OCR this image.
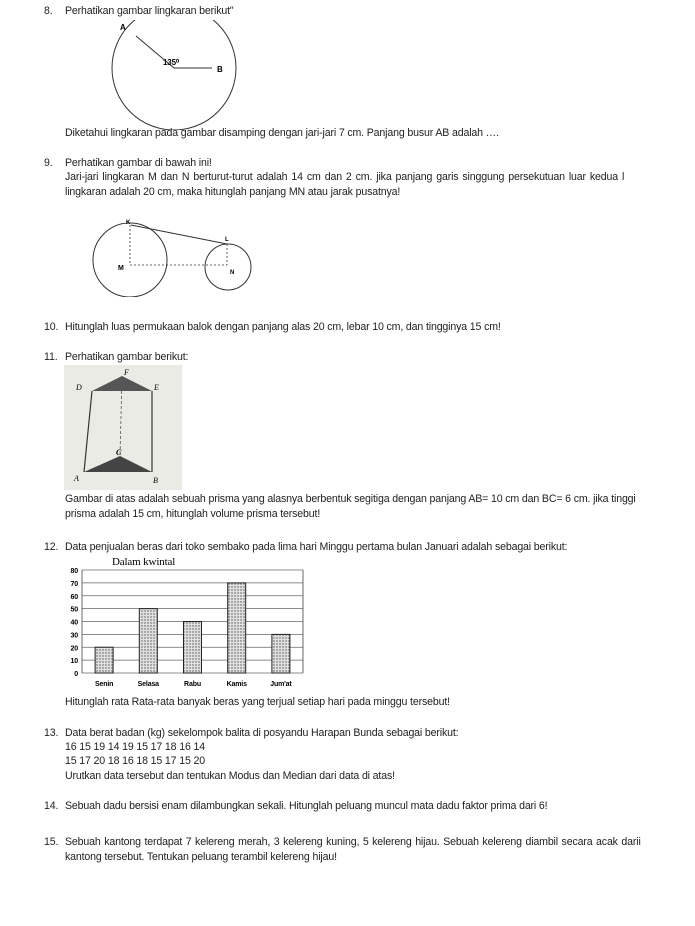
8. Perhatikan gambar lingkaran berikut"
A
B
135⁰
Diketahui lingkaran pada gambar disamping dengan jari-jari 7 cm. Panjang busur AB adalah ….
9. Perhatikan gambar di bawah ini!
Jari-jari lingkaran M dan N berturut-turut adalah 14 cm dan 2 cm. jika panjang garis singgung persekutuan luar kedua l
lingkaran adalah 20 cm, maka hitunglah panjang MN atau jarak pusatnya!
K
L
M
N
10. Hitunglah luas permukaan balok dengan panjang alas 20 cm, lebar 10 cm, dan tingginya 15 cm!
11. Perhatikan gambar berikut:
F
D	E
C
A	B
Gambar di atas adalah sebuah prisma yang alasnya berbentuk segitiga dengan panjang AB= 10 cm dan BC= 6 cm. jika tinggi
prisma adalah 15 cm, hitunglah volume prisma tersebut!
12. Data penjualan beras dari toko sembako pada lima hari Minggu pertama bulan Januari adalah sebagai berikut:
Dalam kwintal
0
10
20
30
40
50
60
70
80
Senin	Selasa	Rabu	Kamis	Jum'at
Hitunglah rata Rata-rata banyak beras yang terjual setiap hari pada minggu tersebut!
13. Data berat badan (kg) sekelompok balita di posyandu Harapan Bunda sebagai berikut:
16 15 19 14 19 15 17 18 16 14
15 17 20 18 16 18 15 17 15 20
Urutkan data tersebut dan tentukan Modus dan Median dari data di atas!
14. Sebuah dadu bersisi enam dilambungkan sekali. Hitunglah peluang muncul mata dadu faktor prima dari 6!
15. Sebuah kantong terdapat 7 kelereng merah, 3 kelereng kuning, 5 kelereng hijau. Sebuah kelereng diambil secara acak darii
kantong tersebut. Tentukan peluang terambil kelereng hijau!
